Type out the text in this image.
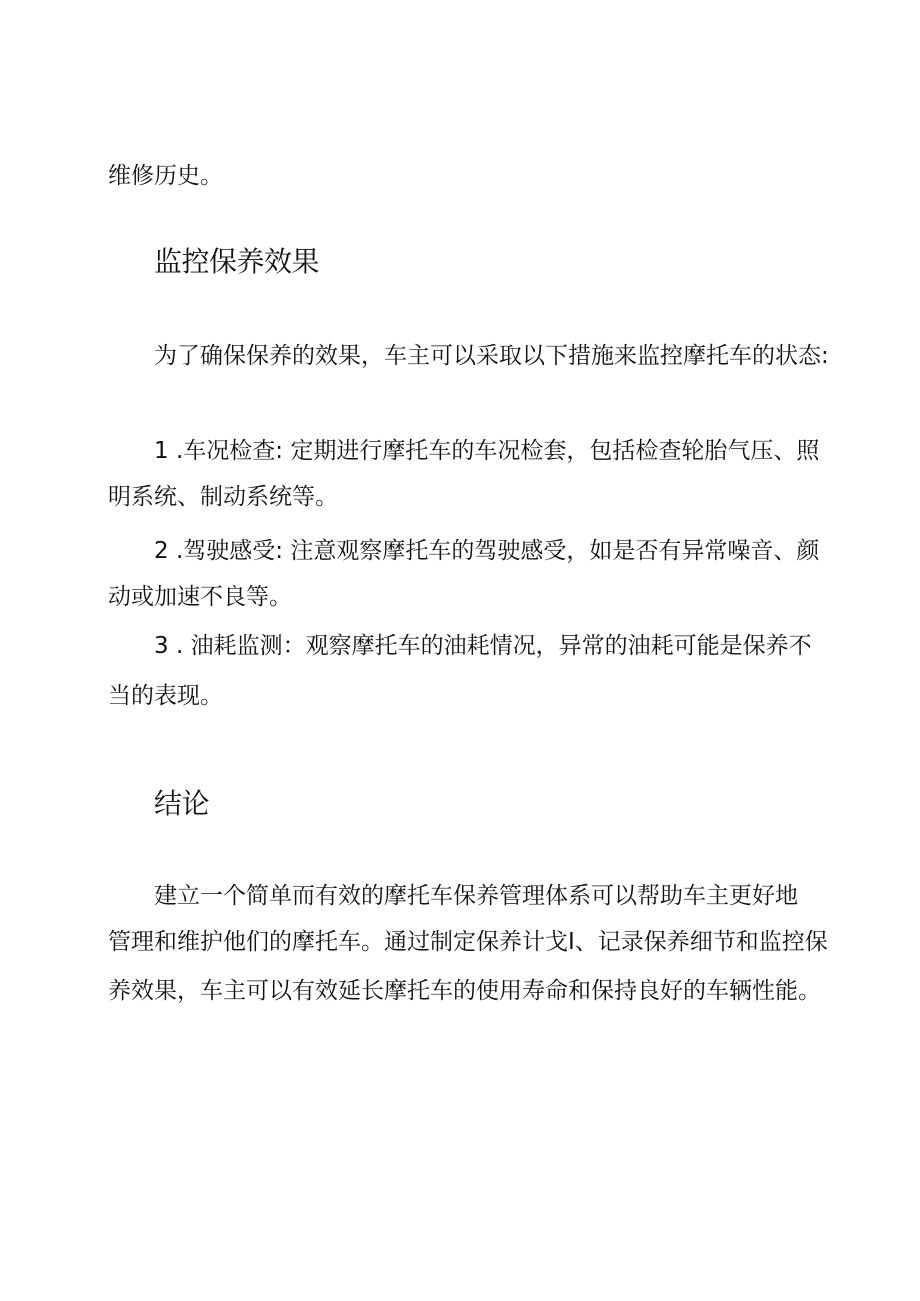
维修历史。
监控保养效果
为了确保保养的效果，车主可以采取以下措施来监控摩托车的状态:
1 .车况检查: 定期进行摩托车的车况检套，包括检查轮胎气压、照
明系统、制动系统等。
2 .驾驶感受: 注意观察摩托车的驾驶感受，如是否有异常噪音、颜
动或加速不良等。
3 . 油耗监测：观察摩托车的油耗情况，异常的油耗可能是保养不
当的表现。
结论
建立一个简单而有效的摩托车保养管理体系可以帮助车主更好地
管理和维护他们的摩托车。通过制定保养计戈I、记录保养细节和监控保
养效果，车主可以有效延长摩托车的使用寿命和保持良好的车辆性能。
